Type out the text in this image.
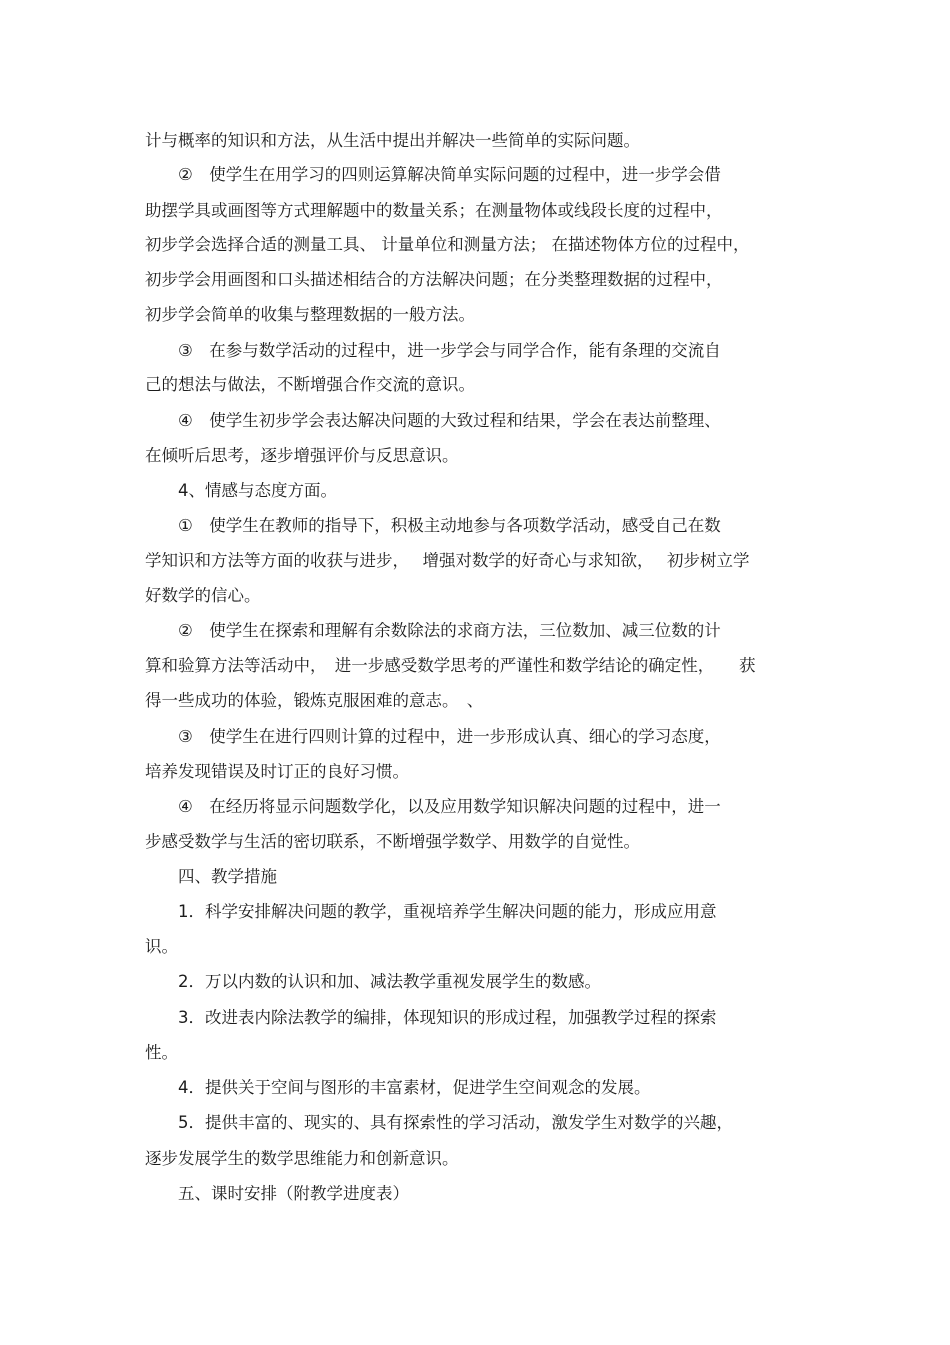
计与概率的知识和方法，从生活中提出并解决一些简单的实际问题。
②　使学生在用学习的四则运算解决简单实际问题的过程中，进一步学会借
助摆学具或画图等方式理解题中的数量关系；在测量物体或线段长度的过程中，
初步学会选择合适的测量工具、 计量单位和测量方法； 在描述物体方位的过程中，
初步学会用画图和口头描述相结合的方法解决问题；在分类整理数据的过程中，
初步学会简单的收集与整理数据的一般方法。
③　在参与数学活动的过程中，进一步学会与同学合作，能有条理的交流自
己的想法与做法，不断增强合作交流的意识。
④　使学生初步学会表达解决问题的大致过程和结果，学会在表达前整理、
在倾听后思考，逐步增强评价与反思意识。
4、情感与态度方面。
①　使学生在教师的指导下，积极主动地参与各项数学活动，感受自己在数
学知识和方法等方面的收获与进步，　 增强对数学的好奇心与求知欲，　 初步树立学
好数学的信心。
②　使学生在探索和理解有余数除法的求商方法，三位数加、减三位数的计
算和验算方法等活动中，　进一步感受数学思考的严谨性和数学结论的确定性，　　获
得一些成功的体验，锻炼克服困难的意志。　、
③　使学生在进行四则计算的过程中，进一步形成认真、细心的学习态度，
培养发现错误及时订正的良好习惯。
④　在经历将显示问题数学化，以及应用数学知识解决问题的过程中，进一
步感受数学与生活的密切联系，不断增强学数学、用数学的自觉性。
四、教学措施
1．科学安排解决问题的教学，重视培养学生解决问题的能力，形成应用意
识。
2．万以内数的认识和加、减法教学重视发展学生的数感。
3．改进表内除法教学的编排，体现知识的形成过程，加强教学过程的探索
性。
4．提供关于空间与图形的丰富素材，促进学生空间观念的发展。
5．提供丰富的、现实的、具有探索性的学习活动，激发学生对数学的兴趣，
逐步发展学生的数学思维能力和创新意识。
五、课时安排（附教学进度表）
